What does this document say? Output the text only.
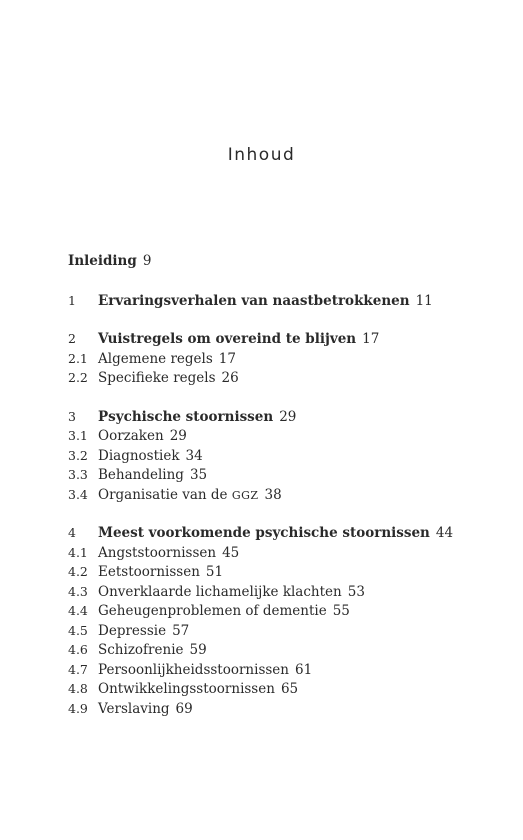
Inhoud
Inleiding 9
1 Ervaringsverhalen van naastbetrokkenen 11
2 Vuistregels om overeind te blijven 17
2.1 Algemene regels 17
2.2 Specifieke regels 26
3 Psychische stoornissen 29
3.1 Oorzaken 29
3.2 Diagnostiek 34
3.3 Behandeling 35
3.4 Organisatie van de GGZ 38
4 Meest voorkomende psychische stoornissen 44
4.1 Angststoornissen 45
4.2 Eetstoornissen 51
4.3 Onverklaarde lichamelijke klachten 53
4.4 Geheugenproblemen of dementie 55
4.5 Depressie 57
4.6 Schizofrenie 59
4.7 Persoonlijkheidsstoornissen 61
4.8 Ontwikkelingsstoornissen 65
4.9 Verslaving 69
